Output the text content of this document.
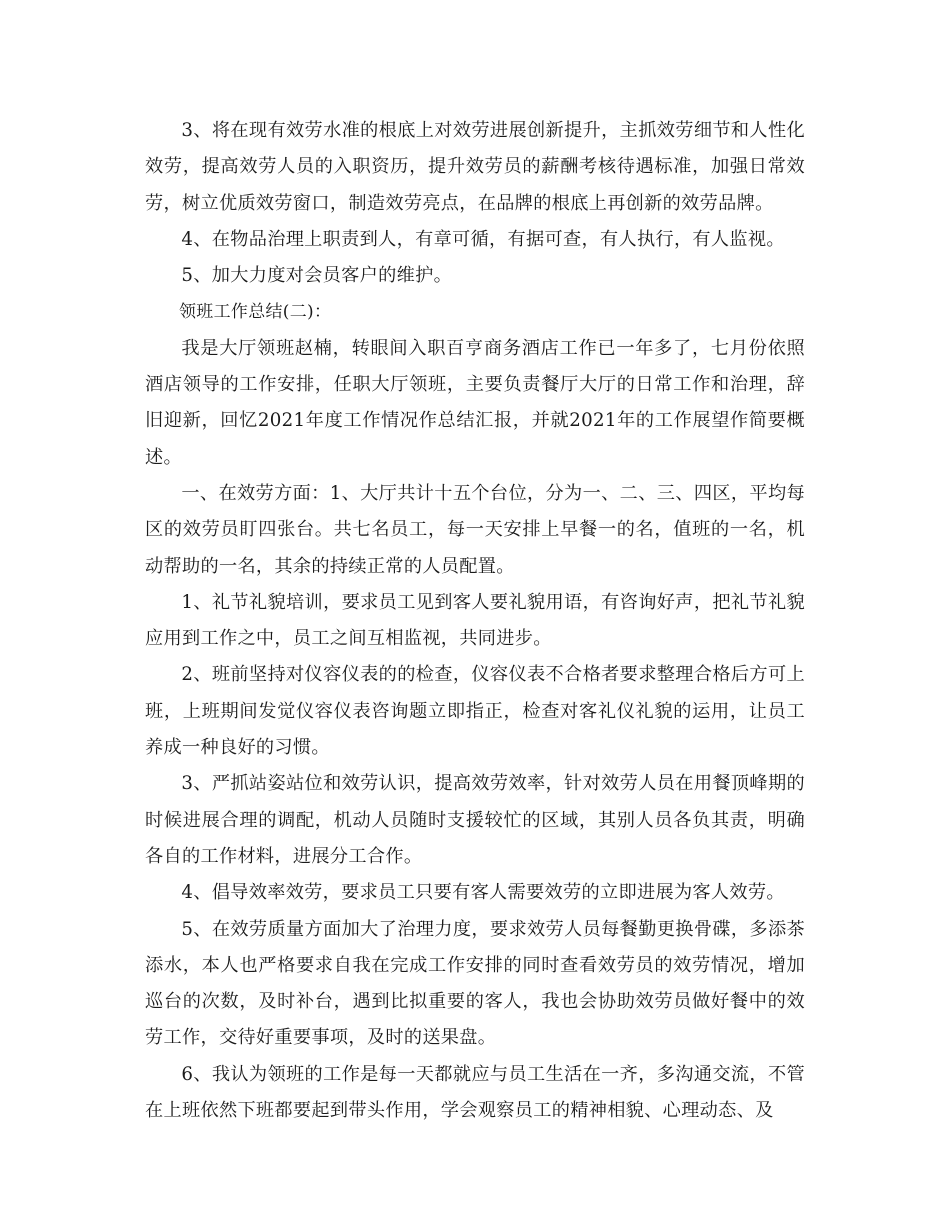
3、将在现有效劳水准的根底上对效劳进展创新提升，主抓效劳细节和人性化效劳，提高效劳人员的入职资历，提升效劳员的薪酬考核待遇标准，加强日常效劳，树立优质效劳窗口，制造效劳亮点，在品牌的根底上再创新的效劳品牌。

4、在物品治理上职责到人，有章可循，有据可查，有人执行，有人监视。

5、加大力度对会员客户的维护。

领班工作总结(二)：

我是大厅领班赵楠，转眼间入职百亨商务酒店工作已一年多了，七月份依照酒店领导的工作安排，任职大厅领班，主要负责餐厅大厅的日常工作和治理，辞旧迎新，回忆2021年度工作情况作总结汇报，并就2021年的工作展望作简要概述。

一、在效劳方面：1、大厅共计十五个台位，分为一、二、三、四区，平均每区的效劳员盯四张台。共七名员工，每一天安排上早餐一的名，值班的一名，机动帮助的一名，其余的持续正常的人员配置。

1、礼节礼貌培训，要求员工见到客人要礼貌用语，有咨询好声，把礼节礼貌应用到工作之中，员工之间互相监视，共同进步。

2、班前坚持对仪容仪表的的检查，仪容仪表不合格者要求整理合格后方可上班，上班期间发觉仪容仪表咨询题立即指正，检查对客礼仪礼貌的运用，让员工养成一种良好的习惯。

3、严抓站姿站位和效劳认识，提高效劳效率，针对效劳人员在用餐顶峰期的时候进展合理的调配，机动人员随时支援较忙的区域，其别人员各负其责，明确各自的工作材料，进展分工合作。

4、倡导效率效劳，要求员工只要有客人需要效劳的立即进展为客人效劳。

5、在效劳质量方面加大了治理力度，要求效劳人员每餐勤更换骨碟，多添茶添水，本人也严格要求自我在完成工作安排的同时查看效劳员的效劳情况，增加巡台的次数，及时补台，遇到比拟重要的客人，我也会协助效劳员做好餐中的效劳工作，交待好重要事项，及时的送果盘。

6、我认为领班的工作是每一天都就应与员工生活在一齐，多沟通交流，不管在上班依然下班都要起到带头作用，学会观察员工的精神相貌、心理动态、及
